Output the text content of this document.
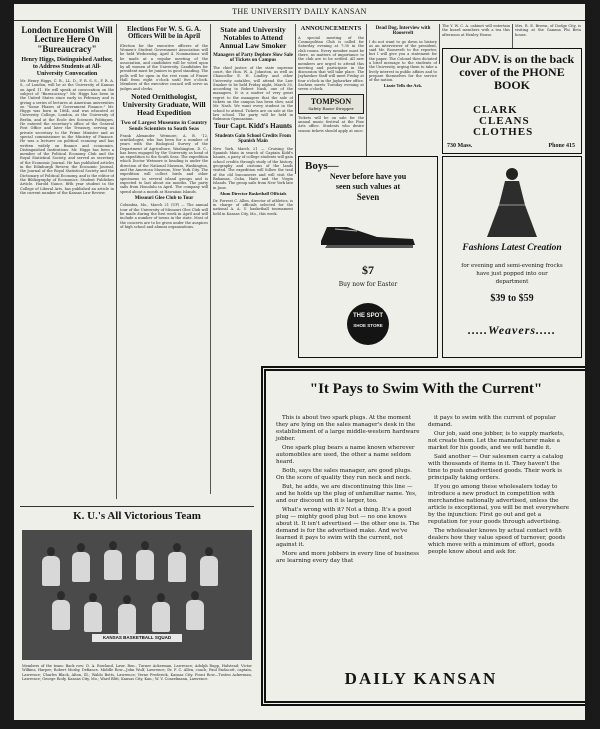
THE UNIVERSITY DAILY KANSAN
London Economist Will Lecture Here On "Bureaucracy"
Henry Higgs, Distinguished Author, to Address Students at All-University Convocation

Mr. Henry Higgs, C. B., LL. D., F. R. S. S., F. R. A. S., of London, will be at the University of Kansas on April 11. He will speak at convocation on the subject of "Bureaucracy." Mr. Higgs has been in the United States since early in February and is giving a series of lectures at American universities on "Some Phases of Government Finance." Mr. Higgs was born in 1864, and was educated at University College, London, at the University of Berlin, and at the Ecole des Sciences Politiques. He entered the secretary's office of the General Post Office and later the Treasury, serving as private secretary to the Prime Minister and as special commissioner in the Ministry of Finance. He was a lecturer on political economy and has written widely on finance and economics. Distinguished Institutions. Mr. Higgs has been a member of the Political Economy Club and the Royal Statistical Society, and served as secretary of the Economic Journal. He has published articles in the Edinburgh Review, the Economic Journal, the Journal of the Royal Statistical Society and the Dictionary of Political Economy, and is the editor of the Bibliography of Economics. Student Publishes Article. Harold Nance, fifth year student in the College of Liberal Arts, has published an article in the current number of the Kansas Law Review.

Elections For W. S. G. A. Officers Will be in April

Election for the executive officers of the Women's Student Government Association will be held Wednesday, April 4. Nominations will be made at a regular meeting of the association, and candidates will be voted upon by all women of the University. Candidates for president must be juniors in good standing. The polls will be open in the rest room of Fraser Hall from eight o'clock until five o'clock. Members of the executive council will serve as judges and clerks.

Noted Ornithologist, University Graduate, Will Head Expedition
Two of Largest Museums in Country Sends Scientists to South Seas

Frank Alexander Wetmore, A. B. '12, ornithologist, who has been for a number of years with the Biological Survey of the Department of Agriculture, Washington, D. C., has been engaged by the University as head of an expedition to the South Seas. The expedition which Doctor Wetmore is heading is under the direction of the National Museum, Washington, and the American Museum, New York City. The expedition will collect birds and other specimens in several island groups and is expected to last about six months. The party sails from Honolulu in April. The company will spend about a month at Hawaiian Islands.

Missouri Glee Club to Tour

Columbia, Mo., March 21 (UP) — The annual tour of the University of Missouri Glee Club will be made during the first week in April and will include a number of towns in the state. Most of the concerts are to be given under the auspices of high school and alumni organizations.

State and University Notables to Attend Annual Law Smoker
Managers of Party Deplore Slow Sale of Tickets on Campus

The chief justice of the state supreme court, the Hon. W. A. Johnston, as well as Chancellor E. H. Lindley and other University notables, will attend the Law Smoker to be held Friday night, March 30, according to Robert Nash, one of the managers. It is a matter of very great regret to the managers that the sale of tickets on the campus has been slow, said Mr. Nash. We want every student in the school to attend. Tickets are on sale at the law school. The party will be held in Robinson Gymnasium.

Tour Capt. Kidd's Haunts
Students Gain School Credits From Spanish Main

New York, March 21 — Cruising the Spanish Main in search of Captain Kidd's haunts, a party of college students will gain school credits through study of the history, geography and customs of the lands visited. The expedition will follow the trail of the old buccaneers and will visit the Bahamas, Cuba, Haiti and the Virgin Islands. The group sails from New York late in June.

Alum Director Basketball Officials

Dr. Forrest C. Allen, director of athletics, is in charge of officials selected for the national A. A. U. basketball tournament held in Kansas City, Mo., this week.

ANNOUNCEMENTS

A special meeting of the Cosmopolitan Club is called for Saturday evening at 7:30 in the club rooms. Every member must be there, as matters of importance to the club are to be settled. All new members are urged to attend this meeting and participate in the discussion that will take place. The Jayhawker Staff will meet Friday at four o'clock in the Jayhawker office. Sachem meets Tuesday evening at seven o'clock.

TOMPSON
Safety Razor Stropper

Tickets will be on sale for the annual music festival at the Fine Arts office. Students who desire season tickets should apply at once.

Dead Dog, Interview with Roosevelt

I do not want to go down in history as an interviewer of the president, said Mr. Roosevelt to the reporter, but I will give you a statement for the paper. The Colonel then dictated a brief message to the students of the University, urging them to take a lively interest in public affairs and to prepare themselves for the service of the nation.

Lizzie Tells the Ark.

The Y. W. C. A. cabinet will entertain the board members with a tea this afternoon at Henley House.

Mrs. R. E. Brown, of Dodge City, is visiting at the Gamma Phi Beta house.

Our ADV. is on the back cover of the PHONE BOOK
CLARK
CLEANS
CLOTHES
730 Mass.	Phone 415
Boys—
Never before have you
seen such values at
Seven
$7
Buy now for Easter
THE SPOT
SHOE STORE
Fashions Latest Creation
for evening and semi-evening frocks
have just popped into our
department
$39 to $59
.....Weavers.....
"It Pays to Swim With the Current"

This is about two spark plugs. At the moment they are lying on the sales manager's desk in the establishment of a large middle-western hardware jobber.

One spark plug bears a name known wherever automobiles are used, the other a name seldom heard.

Both, says the sales manager, are good plugs. On the score of quality they run neck and neck.

But, he adds, we are discontinuing this line — and he holds up the plug of unfamiliar name. Yes, and our discount on it is larger, too.

What's wrong with it? Not a thing. It's a good plug — mighty good plug but — no one knows about it. It isn't advertised — the other one is. The demand is for the advertised make. And we've learned it pays to swim with the current, not against it.

More and more jobbers in every line of business are learning every day that

it pays to swim with the current of popular demand.

Our job, said one jobber, is to supply markets, not create them. Let the manufacturer make a market for his goods, and we will handle it.

Said another — Our salesmen carry a catalog with thousands of items in it. They haven't the time to push unadvertised goods. Their work is principally taking orders.

If you go among these wholesalers today to introduce a new product in competition with merchandise nationally advertised, unless the article is exceptional, you will be met everywhere by the injunction: First go out and get a reputation for your goods through advertising.

The wholesaler knows by actual contact with dealers how they value speed of turnover, goods which move with a minimum of effort, goods people know about and ask for.

DAILY KANSAN
K. U.'s All Victorious Team
KANSAS BASKETBALL SQUAD

Members of the team: Back row: D. A. Rowland, Lawr. Ren., Turner Ackerman, Lawrence; Adolph Rupp, Halstead; Victor Wilkins, Harper; Robert Mosby, Defiance. Middle Row—John Wulf, Lawrence; Dr. F. C. Allen, coach; Paul Endacott, captain, Lawrence; Charles Black, Alton, Ill.; Waldo Botts, Lawrence; Verne Frederick, Kansas City. Front Row—Tusten Ackerman, Lawrence; George Rody, Kansas City, Mo.; Ward Blitt, Kansas City, Kan.; W. V. Conzelmann, Lawrence.
